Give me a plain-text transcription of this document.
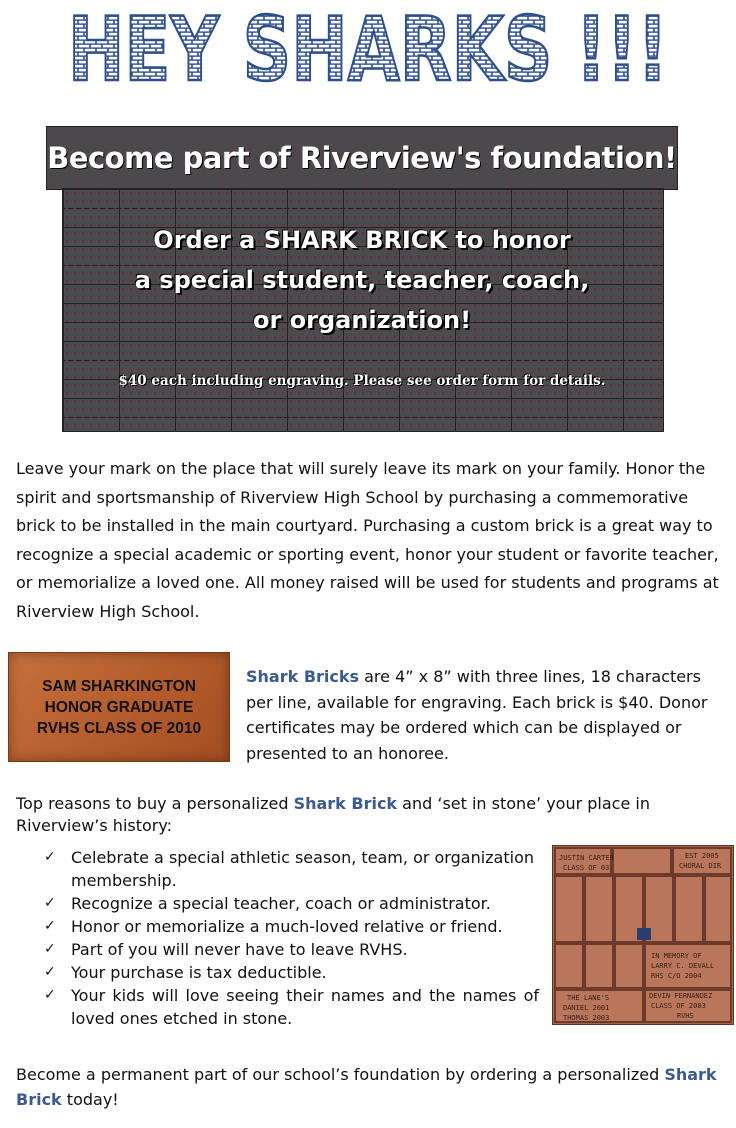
HEY SHARKS !!!
Become part of Riverview's foundation!
Order a SHARK BRICK to honor
a special student, teacher, coach,
or organization!
$40 each including engraving. Please see order form for details.
Leave your mark on the place that will surely leave its mark on your family. Honor the spirit and sportsmanship of Riverview High School by purchasing a commemorative brick to be installed in the main courtyard. Purchasing a custom brick is a great way to recognize a special academic or sporting event, honor your student or favorite teacher, or memorialize a loved one. All money raised will be used for students and programs at Riverview High School.
SAM SHARKINGTON
HONOR GRADUATE
RVHS CLASS OF 2010
Shark Bricks are 4” x 8” with three lines, 18 characters per line, available for engraving. Each brick is $40. Donor certificates may be ordered which can be displayed or presented to an honoree.
Top reasons to buy a personalized Shark Brick and ‘set in stone’ your place in Riverview’s history:
✓ Celebrate a special athletic season, team, or organization membership.
✓ Recognize a special teacher, coach or administrator.
✓ Honor or memorialize a much-loved relative or friend.
✓ Part of you will never have to leave RVHS.
✓ Your purchase is tax deductible.
✓ Your kids will love seeing their names and the names of loved ones etched in stone.
IN MEMORY OF
LARRY C. DEVALL
RHS C/O 2004
THE LANE'S
DANIEL 2001
THOMAS 2003
DEVIN FERNANDEZ
CLASS OF 2003
RVHS
EST 2005
CHORAL DIR
JUSTIN CARTER
CLASS OF 03
Become a permanent part of our school’s foundation by ordering a personalized Shark Brick today!
